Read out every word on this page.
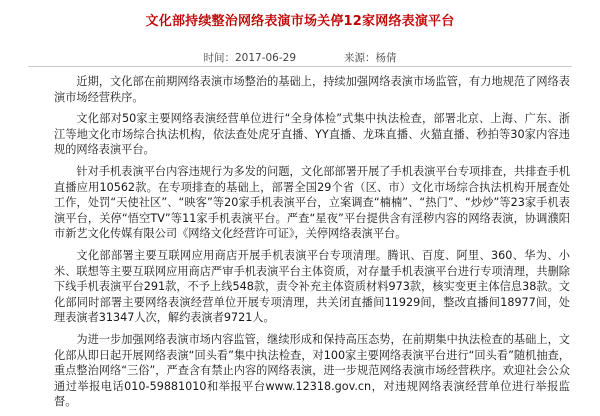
文化部持续整治网络表演市场关停12家网络表演平台
时间：2017-06-29	来源：杨倩

近期，文化部在前期网络表演市场整治的基础上，持续加强网络表演市场监管，有力地规范了网络表演市场经营秩序。

文化部对50家主要网络表演经营单位进行“全身体检”式集中执法检查，部署北京、上海、广东、浙江等地文化市场综合执法机构，依法查处虎牙直播、YY直播、龙珠直播、火猫直播、秒拍等30家内容违规的网络表演平台。

针对手机表演平台内容违规行为多发的问题，文化部部署开展了手机表演平台专项排查，共排查手机直播应用10562款。在专项排查的基础上，部署全国29个省（区、市）文化市场综合执法机构开展查处工作，处罚“天使社区”、“映客”等20家手机表演平台，立案调查“楠楠”、“热门”、“炒炒”等23家手机表演平台，关停“悟空TV”等11家手机表演平台。严查“星夜”平台提供含有淫秽内容的网络表演，协调濮阳市新艺文化传媒有限公司《网络文化经营许可证》，关停网络表演平台。

文化部部署主要互联网应用商店开展手机表演平台专项清理。腾讯、百度、阿里、360、华为、小米、联想等主要互联网应用商店严审手机表演平台主体资质，对存量手机表演平台进行专项清理，共删除下线手机表演平台291款，不予上线548款，责令补充主体资质材料973款，核实变更主体信息38款。文化部同时部署主要网络表演经营单位开展专项清理，共关闭直播间11929间，整改直播间18977间，处理表演者31347人次，解约表演者9721人。

为进一步加强网络表演市场内容监管，继续形成和保持高压态势，在前期集中执法检查的基础上，文化部从即日起开展网络表演“回头看”集中执法检查，对100家主要网络表演平台进行“回头看”随机抽查，重点整治网络“三俗”，严查含有禁止内容的网络表演，进一步规范网络表演市场经营秩序。欢迎社会公众通过举报电话010-59881010和举报平台www.12318.gov.cn，对违规网络表演经营单位进行举报监督。
